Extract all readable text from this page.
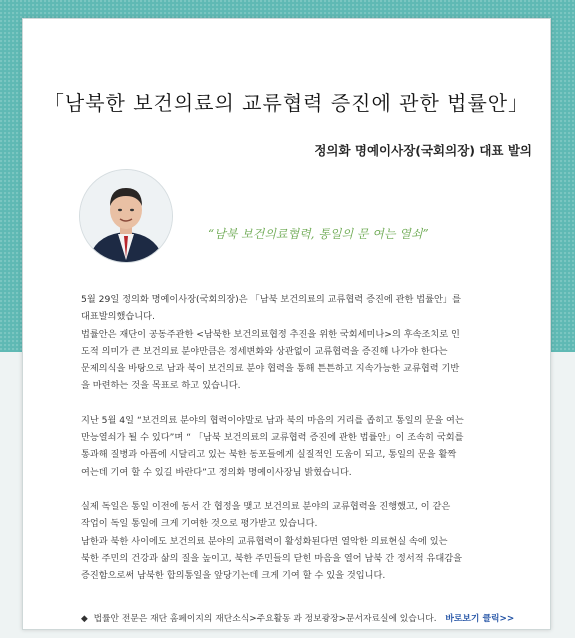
「남북한 보건의료의 교류협력 증진에 관한 법률안」
정의화 명예이사장(국회의장) 대표 발의
“남북 보건의료협력, 통일의 문 여는 열쇠”

5월 29일 정의화 명예이사장(국회의장)은 「남북 보건의료의 교류협력 증진에 관한 법률안」를
대표발의했습니다.
법률안은 재단이 공동주관한 <남북한 보건의료협정 추진을 위한 국회세미나>의 후속조치로 인
도적 의미가 큰 보건의료 분야만큼은 정세변화와 상관없이 교류협력을 증진해 나가야 한다는
문제의식을 바탕으로 남과 북이 보건의료 분야 협력을 통해 튼튼하고 지속가능한 교류협력 기반
을 마련하는 것을 목표로 하고 있습니다.

지난 5월 4일 “보건의료 분야의 협력이야말로 남과 북의 마음의 거리를 좁히고 통일의 문을 여는
만능열쇠가 될 수 있다”며 “ 「남북 보건의료의 교류협력 증진에 관한 법률안」이 조속히 국회를
통과해 질병과 아픔에 시달리고 있는 북한 동포들에게 실질적인 도움이 되고, 통일의 문을 활짝
여는데 기여 할 수 있길 바란다”고 정의화 명예이사장님 밝혔습니다.

실제 독일은 통일 이전에 동서 간 협정을 맺고 보건의료 분야의 교류협력을 진행했고, 이 같은
작업이 독일 통일에 크게 기여한 것으로 평가받고 있습니다.
남한과 북한 사이에도 보건의료 분야의 교류협력이 활성화된다면 열악한 의료현실 속에 있는
북한 주민의 건강과 삶의 질을 높이고, 북한 주민들의 닫힌 마음을 열어 남북 간 정서적 유대감을
증진함으로써 남북한 합의통일을 앞당기는데 크게 기여 할 수 있을 것입니다.

◆ 법률안 전문은 재단 홈페이지의 재단소식>주요활동 과 정보광장>문서자료실에 있습니다. 바로보기 클릭>>
